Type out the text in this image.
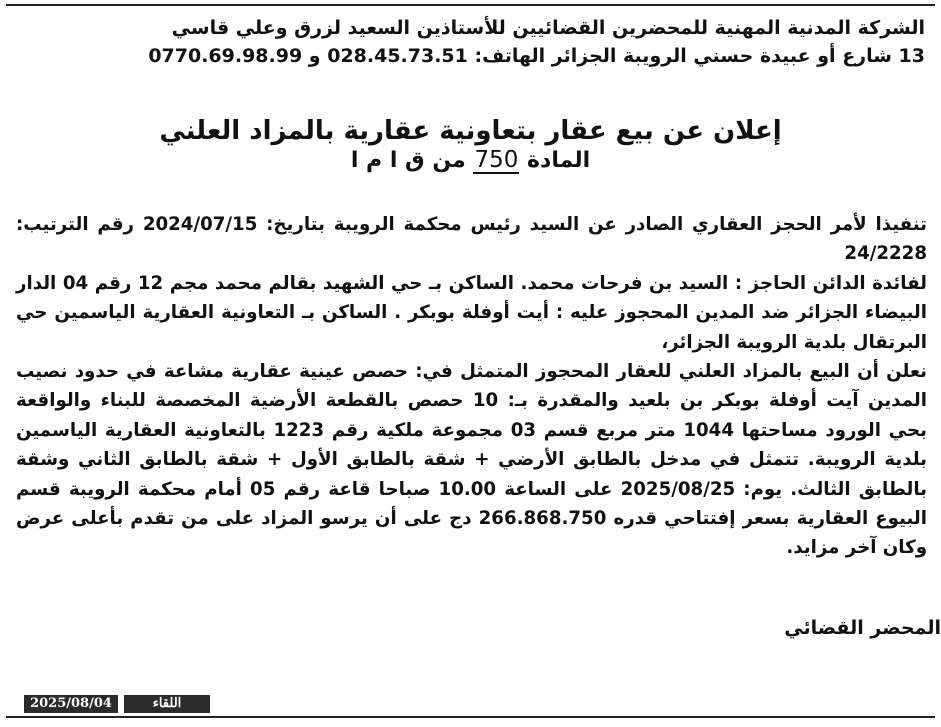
الشركة المدنية المهنية للمحضرين القضائيين للأستاذين السعيد لزرق وعلي قاسي
13 شارع أو عبيدة حسني الرويبة الجزائر الهاتف: 028.45.73.51 و 0770.69.98.99
إعلان عن بيع عقار بتعاونية عقارية بالمزاد العلني
المادة 750 من ق ا م ا

تنفيذا لأمر الحجز العقاري الصادر عن السيد رئيس محكمة الرويبة بتاريخ: 2024/07/15 رقم الترتيب: 24/2228

لفائدة الدائن الحاجز : السيد بن فرحات محمد. الساكن بـ حي الشهيد بقالم محمد مجم 12 رقم 04 الدار البيضاء الجزائر ضد المدين المحجوز عليه : أيت أوفلة بوبكر . الساكن بـ التعاونية العقارية الياسمين حي البرتقال بلدية الرويبة الجزائر،

نعلن أن البيع بالمزاد العلني للعقار المحجوز المتمثل في: حصص عينية عقارية مشاعة في حدود نصيب المدين آيت أوفلة بوبكر بن بلعيد والمقدرة بـ: 10 حصص بالقطعة الأرضية المخصصة للبناء والواقعة بحي الورود مساحتها 1044 متر مربع قسم 03 مجموعة ملكية رقم 1223 بالتعاونية العقارية الياسمين بلدية الرويبة. تتمثل في مدخل بالطابق الأرضي + شقة بالطابق الأول + شقة بالطابق الثاني وشقة بالطابق الثالث. يوم: 2025/08/25 على الساعة 10.00 صباحا قاعة رقم 05 أمام محكمة الرويبة قسم البيوع العقارية بسعر إفتتاحي قدره 266.868.750 دج على أن يرسو المزاد على من تقدم بأعلى عرض وكان آخر مزايد.

المحضر القضائي
2025/08/04	اللقاء
